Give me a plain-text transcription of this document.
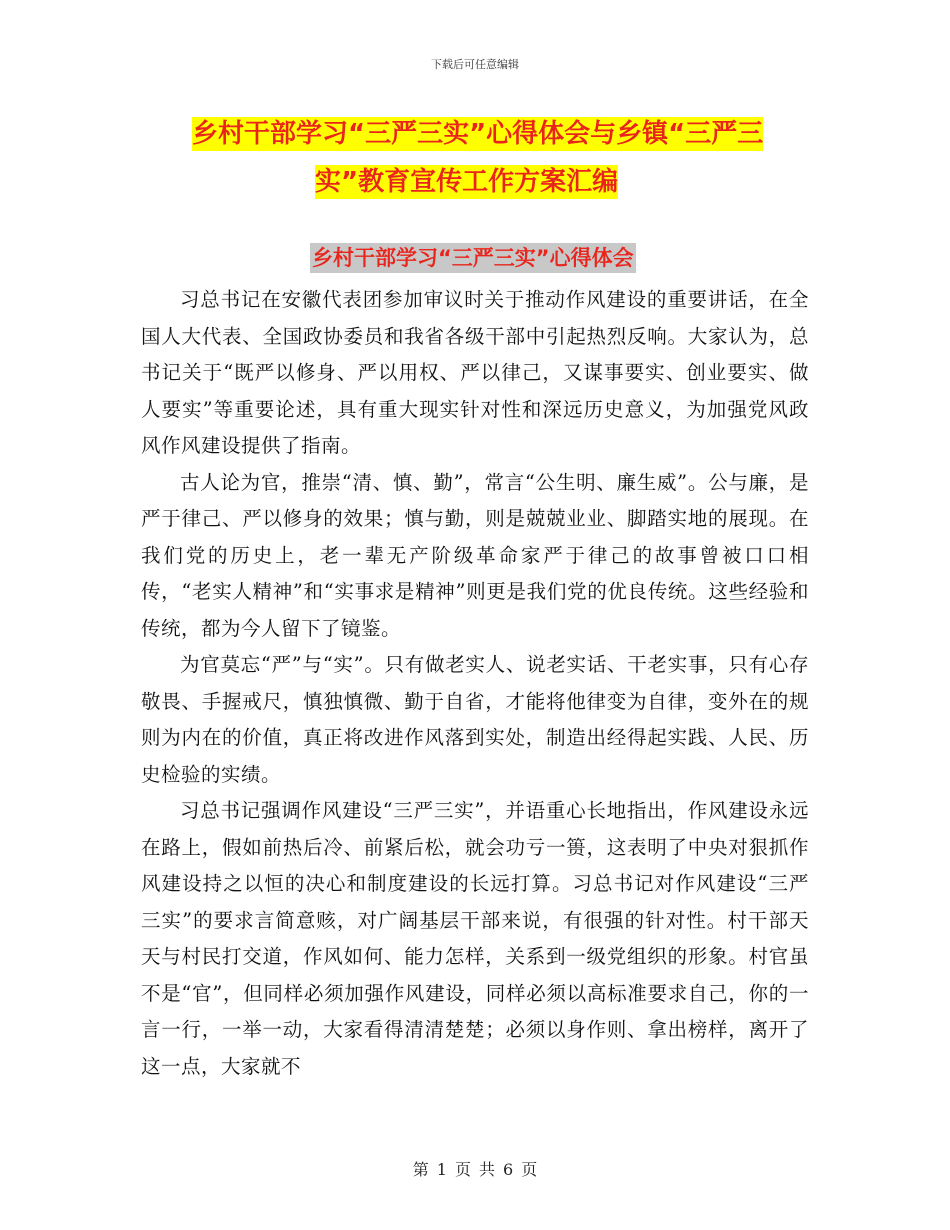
下载后可任意编辑
乡村干部学习“三严三实”心得体会与乡镇“三严三
实”教育宣传工作方案汇编
乡村干部学习“三严三实”心得体会

习总书记在安徽代表团参加审议时关于推动作风建设的重要讲话，在全国人大代表、全国政协委员和我省各级干部中引起热烈反响。大家认为，总书记关于“既严以修身、严以用权、严以律己，又谋事要实、创业要实、做人要实”等重要论述，具有重大现实针对性和深远历史意义，为加强党风政风作风建设提供了指南。

古人论为官，推崇“清、慎、勤”，常言“公生明、廉生威”。公与廉，是严于律己、严以修身的效果；慎与勤，则是兢兢业业、脚踏实地的展现。在我们党的历史上，老一辈无产阶级革命家严于律己的故事曾被口口相传，“老实人精神”和“实事求是精神”则更是我们党的优良传统。这些经验和传统，都为今人留下了镜鉴。

为官莫忘“严”与“实”。只有做老实人、说老实话、干老实事，只有心存敬畏、手握戒尺，慎独慎微、勤于自省，才能将他律变为自律，变外在的规则为内在的价值，真正将改进作风落到实处，制造出经得起实践、人民、历史检验的实绩。

习总书记强调作风建设“三严三实”，并语重心长地指出，作风建设永远在路上，假如前热后冷、前紧后松，就会功亏一篑，这表明了中央对狠抓作风建设持之以恒的决心和制度建设的长远打算。习总书记对作风建设“三严三实”的要求言简意赅，对广阔基层干部来说，有很强的针对性。村干部天天与村民打交道，作风如何、能力怎样，关系到一级党组织的形象。村官虽不是“官”，但同样必须加强作风建设，同样必须以高标准要求自己，你的一言一行，一举一动，大家看得清清楚楚；必须以身作则、拿出榜样，离开了这一点，大家就不

第 1 页 共 6 页
